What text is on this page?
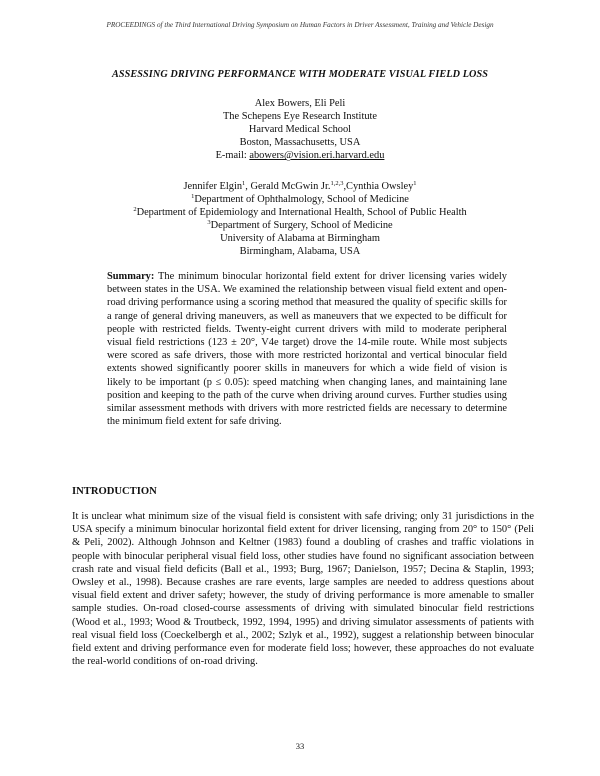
PROCEEDINGS of the Third International Driving Symposium on Human Factors in Driver Assessment, Training and Vehicle Design
ASSESSING DRIVING PERFORMANCE WITH MODERATE VISUAL FIELD LOSS
Alex Bowers, Eli Peli
The Schepens Eye Research Institute
Harvard Medical School
Boston, Massachusetts, USA
E-mail: abowers@vision.eri.harvard.edu
Jennifer Elgin$^1$, Gerald McGwin Jr.$^{1,2,3}$,Cynthia Owsley$^1$
$^1$Department of Ophthalmology, School of Medicine
$^2$Department of Epidemiology and International Health, School of Public Health
$^3$Department of Surgery, School of Medicine
University of Alabama at Birmingham
Birmingham, Alabama, USA
Summary: The minimum binocular horizontal field extent for driver licensing varies widely between states in the USA. We examined the relationship between visual field extent and open-road driving performance using a scoring method that measured the quality of specific skills for a range of general driving maneuvers, as well as maneuvers that we expected to be difficult for people with restricted fields. Twenty-eight current drivers with mild to moderate peripheral visual field restrictions (123 ± 20°, V4e target) drove the 14-mile route. While most subjects were scored as safe drivers, those with more restricted horizontal and vertical binocular field extents showed significantly poorer skills in maneuvers for which a wide field of vision is likely to be important (p ≤ 0.05): speed matching when changing lanes, and maintaining lane position and keeping to the path of the curve when driving around curves. Further studies using similar assessment methods with drivers with more restricted fields are necessary to determine the minimum field extent for safe driving.
INTRODUCTION
It is unclear what minimum size of the visual field is consistent with safe driving; only 31 jurisdictions in the USA specify a minimum binocular horizontal field extent for driver licensing, ranging from 20° to 150° (Peli & Peli, 2002). Although Johnson and Keltner (1983) found a doubling of crashes and traffic violations in people with binocular peripheral visual field loss, other studies have found no significant association between crash rate and visual field deficits (Ball et al., 1993; Burg, 1967; Danielson, 1957; Decina & Staplin, 1993; Owsley et al., 1998). Because crashes are rare events, large samples are needed to address questions about visual field extent and driver safety; however, the study of driving performance is more amenable to smaller sample studies. On-road closed-course assessments of driving with simulated binocular field restrictions (Wood et al., 1993; Wood & Troutbeck, 1992, 1994, 1995) and driving simulator assessments of patients with real visual field loss (Coeckelbergh et al., 2002; Szlyk et al., 1992), suggest a relationship between binocular field extent and driving performance even for moderate field loss; however, these approaches do not evaluate the real-world conditions of on-road driving.
33
